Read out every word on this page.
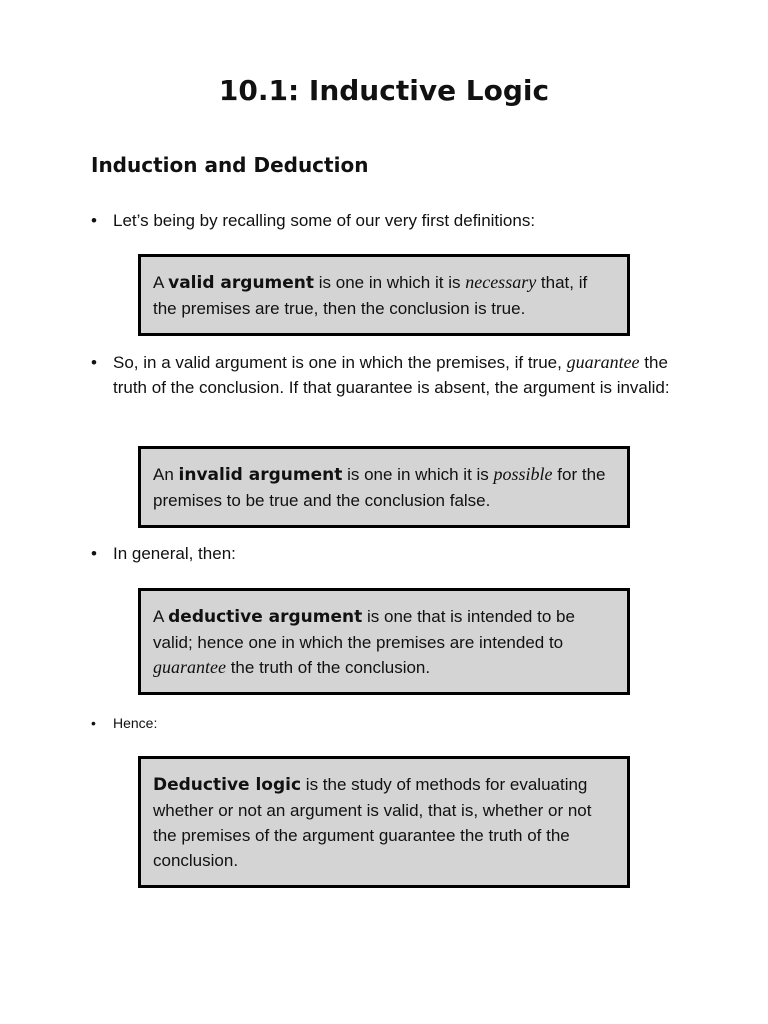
10.1: Inductive Logic
Induction and Deduction
• Let’s being by recalling some of our very first definitions:
A valid argument is one in which it is necessary that, if the premises are true, then the conclusion is true.
• So, in a valid argument is one in which the premises, if true, guarantee the truth of the conclusion. If that guarantee is absent, the argument is invalid:
An invalid argument is one in which it is possible for the premises to be true and the conclusion false.
• In general, then:
A deductive argument is one that is intended to be valid; hence one in which the premises are intended to guarantee the truth of the conclusion.
• Hence:
Deductive logic is the study of methods for evaluating whether or not an argument is valid, that is, whether or not the premises of the argument guarantee the truth of the conclusion.
